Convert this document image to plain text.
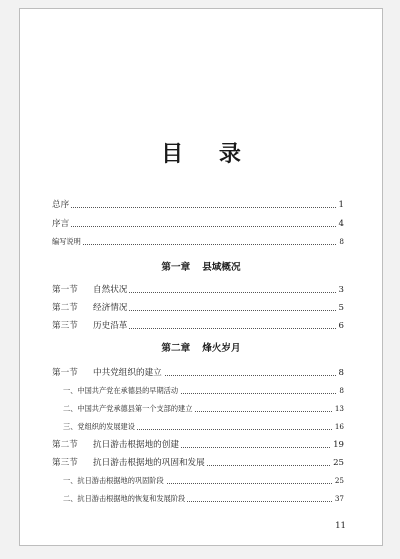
目 录
总序	1
序言	4
编写说明	8
第一章 县域概况
第一节 自然状况	3
第二节 经济情况	5
第三节 历史沿革	6
第二章 烽火岁月
第一节 中共党组织的建立	8
一、中国共产党在承德县的早期活动	8
二、中国共产党承德县第一个支部的建立	13
三、党组织的发展建设	16
第二节 抗日游击根据地的创建	19
第三节 抗日游击根据地的巩固和发展	25
一、抗日游击根据地的巩固阶段	25
二、抗日游击根据地的恢复和发展阶段	37
11
